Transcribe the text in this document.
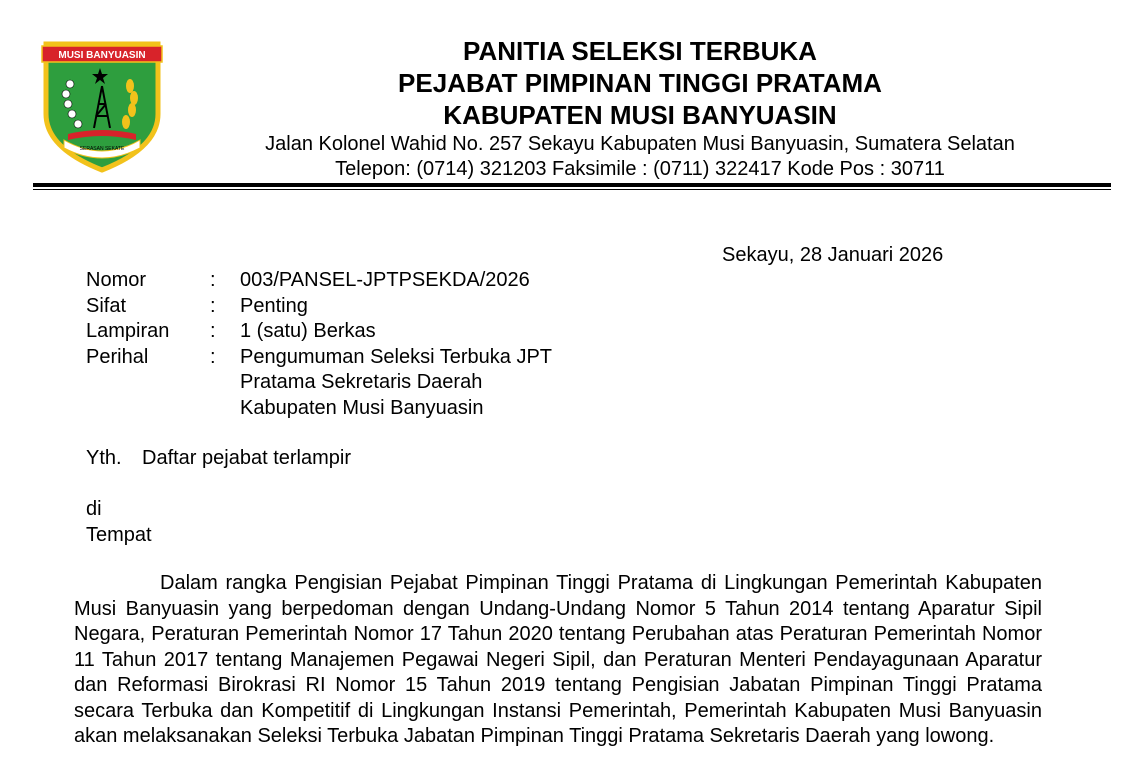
MUSI BANYUASIN
SERASAN SEKATE
PANITIA SELEKSI TERBUKA
PEJABAT PIMPINAN TINGGI PRATAMA
KABUPATEN MUSI BANYUASIN
Jalan Kolonel Wahid No. 257 Sekayu Kabupaten Musi Banyuasin, Sumatera Selatan
Telepon: (0714) 321203 Faksimile : (0711) 322417 Kode Pos : 30711
Sekayu, 28 Januari 2026
Nomor	:	003/PANSEL-JPTPSEKDA/2026
Sifat	:	Penting
Lampiran	:	1 (satu) Berkas
Perihal	:	Pengumuman Seleksi Terbuka JPT
Pratama Sekretaris Daerah
Kabupaten Musi Banyuasin
Yth. Daftar pejabat terlampir
di
Tempat
Dalam rangka Pengisian Pejabat Pimpinan Tinggi Pratama di Lingkungan Pemerintah Kabupaten Musi Banyuasin yang berpedoman dengan Undang-Undang Nomor 5 Tahun 2014 tentang Aparatur Sipil Negara, Peraturan Pemerintah Nomor 17 Tahun 2020 tentang Perubahan atas Peraturan Pemerintah Nomor 11 Tahun 2017 tentang Manajemen Pegawai Negeri Sipil, dan Peraturan Menteri Pendayagunaan Aparatur dan Reformasi Birokrasi RI Nomor 15 Tahun 2019 tentang Pengisian Jabatan Pimpinan Tinggi Pratama secara Terbuka dan Kompetitif di Lingkungan Instansi Pemerintah, Pemerintah Kabupaten Musi Banyuasin akan melaksanakan Seleksi Terbuka Jabatan Pimpinan Tinggi Pratama Sekretaris Daerah yang lowong.
